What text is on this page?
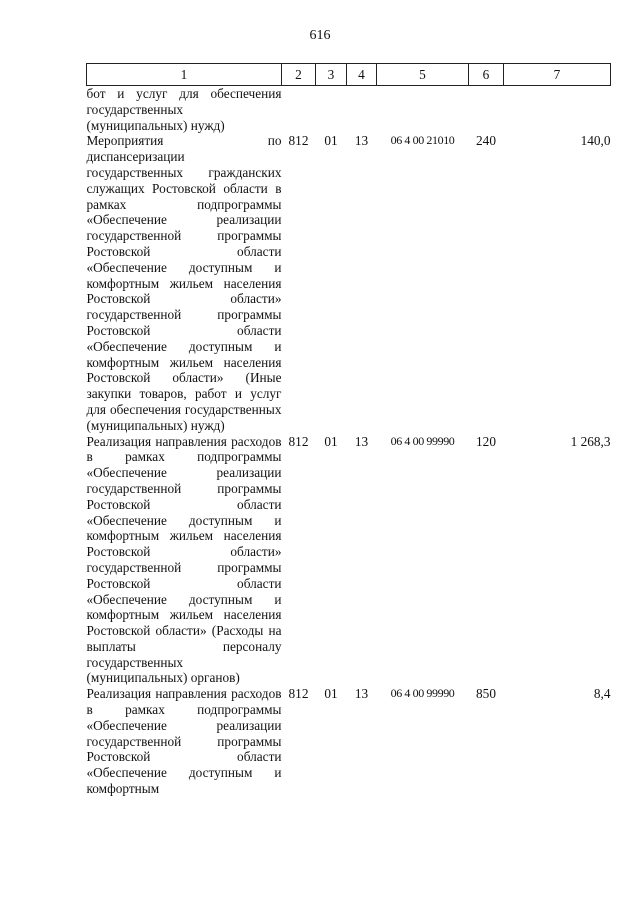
616
1	2	3	4	5	6	7
бот и услуг для обеспечения государственных (муниципальных) нужд)						
Мероприятия по диспансеризации государственных гражданских служащих Ростовской области в рамках подпрограммы «Обеспечение реализации государственной программы Ростовской области «Обеспечение доступным и комфортным жильем населения Ростовской области» государственной программы Ростовской области «Обеспечение доступным и комфортным жильем населения Ростовской области» (Иные закупки товаров, работ и услуг для обеспечения государственных (муниципальных) нужд)	812	01	13	06 4 00 21010	240	140,0
Реализация направления расходов в рамках подпрограммы «Обеспечение реализации государственной программы Ростовской области «Обеспечение доступным и комфортным жильем населения Ростовской области» государственной программы Ростовской области «Обеспечение доступным и комфортным жильем населения Ростовской области» (Расходы на выплаты персоналу государственных (муниципальных) органов)	812	01	13	06 4 00 99990	120	1 268,3
Реализация направления расходов в рамках подпрограммы «Обеспечение реализации государственной программы Ростовской области «Обеспечение доступным и комфортным	812	01	13	06 4 00 99990	850	8,4
